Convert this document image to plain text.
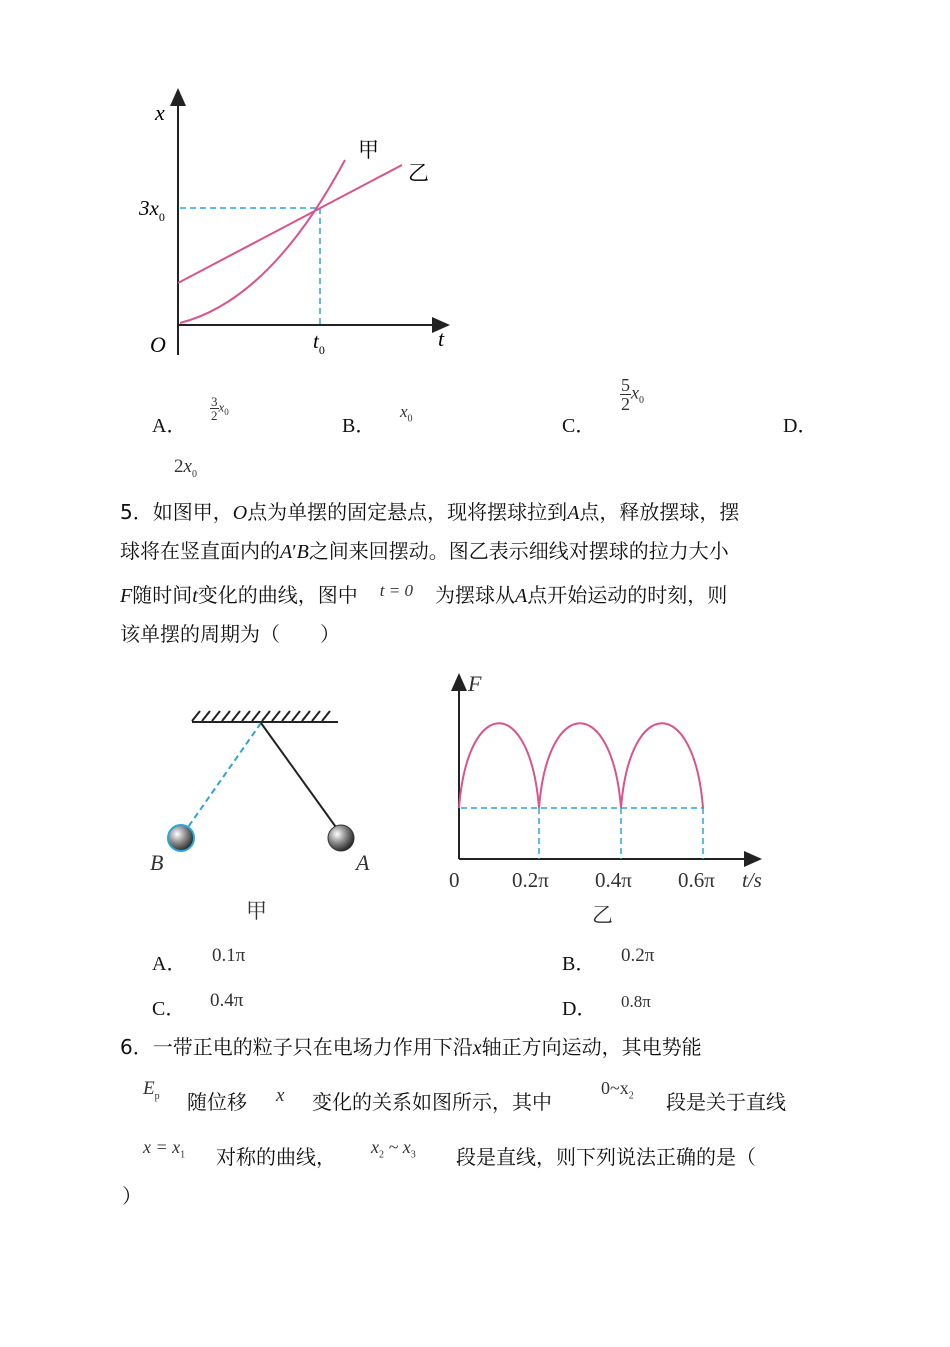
x
t
O
$3x_0$
$t_0$
甲
乙
A．
$\frac{3}{2} x_0$
B．
$x_0$	C．
$\frac{5}{2} x_0$
D．
$2x_0$
5．如图甲，O点为单摆的固定悬点，现将摆球拉到A点，释放摆球，摆
球将在竖直面内的A′B之间来回摆动。图乙表示细线对摆球的拉力大小
F随时间t变化的曲线，图中 t = 0 为摆球从A点开始运动的时刻，则
该单摆的周期为（　　）
B	A
甲
F
0	0.2π 0.4π 0.6π t/s
乙
A． 0.1π	B． 0.2π
C． 0.4π	D． 0.8π
6．一带正电的粒子只在电场力作用下沿x轴正方向运动，其电势能
$E_p$ 随位移 x 变化的关系如图所示，其中
$0\sim x_2$ 段是关于直线
$x = x_1$ 对称的曲线， $x_2$ ~ $x_3$ 段是直线，则下列说法正确的是（
）
